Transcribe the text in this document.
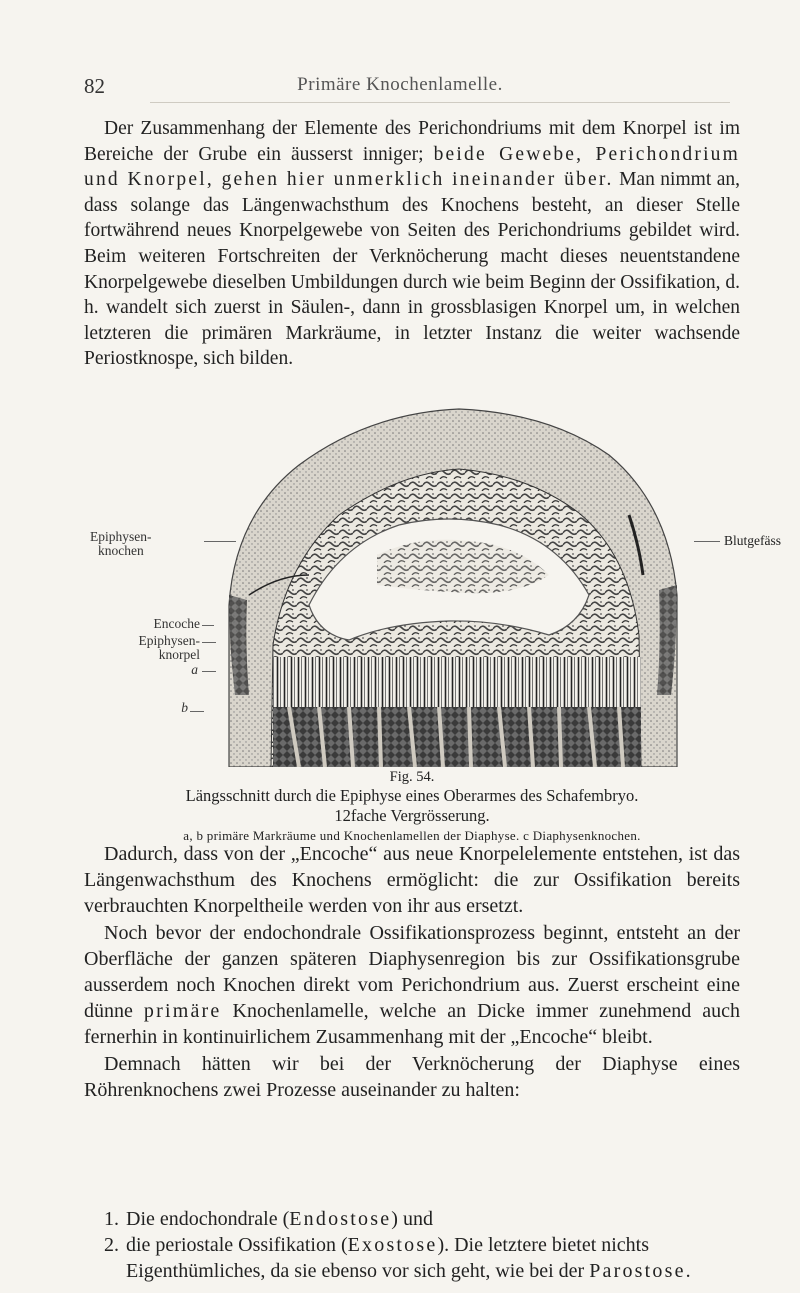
82	Primäre Knochenlamelle.

Der Zusammenhang der Elemente des Perichondriums mit dem Knorpel ist im Bereiche der Grube ein äusserst inniger; beide Gewebe, Perichondrium und Knorpel, gehen hier unmerklich ineinander über. Man nimmt an, dass solange das Längenwachsthum des Knochens besteht, an dieser Stelle fortwährend neues Knorpelgewebe von Seiten des Perichondriums gebildet wird. Beim weiteren Fortschreiten der Verknöcherung macht dieses neuentstandene Knorpelgewebe dieselben Umbildungen durch wie beim Beginn der Ossifikation, d. h. wandelt sich zuerst in Säulen-, dann in grossblasigen Knorpel um, in welchen letzteren die primären Markräume, in letzter Instanz die weiter wachsende Periostknospe, sich bilden.

Epiphysen-
knochen
Encoche
Epiphysen-
knorpel
a
b
Blutgefäss
Fig. 54.
Längsschnitt durch die Epiphyse eines Oberarmes des Schafembryo.
12fache Vergrösserung.
a, b primäre Markräume und Knochenlamellen der Diaphyse. c Diaphysenknochen.

Dadurch, dass von der „Encoche“ aus neue Knorpelelemente entstehen, ist das Längenwachsthum des Knochens ermöglicht: die zur Ossifikation bereits verbrauchten Knorpeltheile werden von ihr aus ersetzt.
Noch bevor der endochondrale Ossifikationsprozess beginnt, entsteht an der Oberfläche der ganzen späteren Diaphysenregion bis zur Ossifikationsgrube ausserdem noch Knochen direkt vom Perichondrium aus. Zuerst erscheint eine dünne primäre Knochenlamelle, welche an Dicke immer zunehmend auch fernerhin in kontinuirlichem Zusammenhang mit der „Encoche“ bleibt.
Demnach hätten wir bei der Verknöcherung der Diaphyse eines Röhrenknochens zwei Prozesse auseinander zu halten:

1. Die endochondrale (Endostose) und
2. die periostale Ossifikation (Exostose). Die letztere bietet nichts Eigenthümliches, da sie ebenso vor sich geht, wie bei der Parostose.
